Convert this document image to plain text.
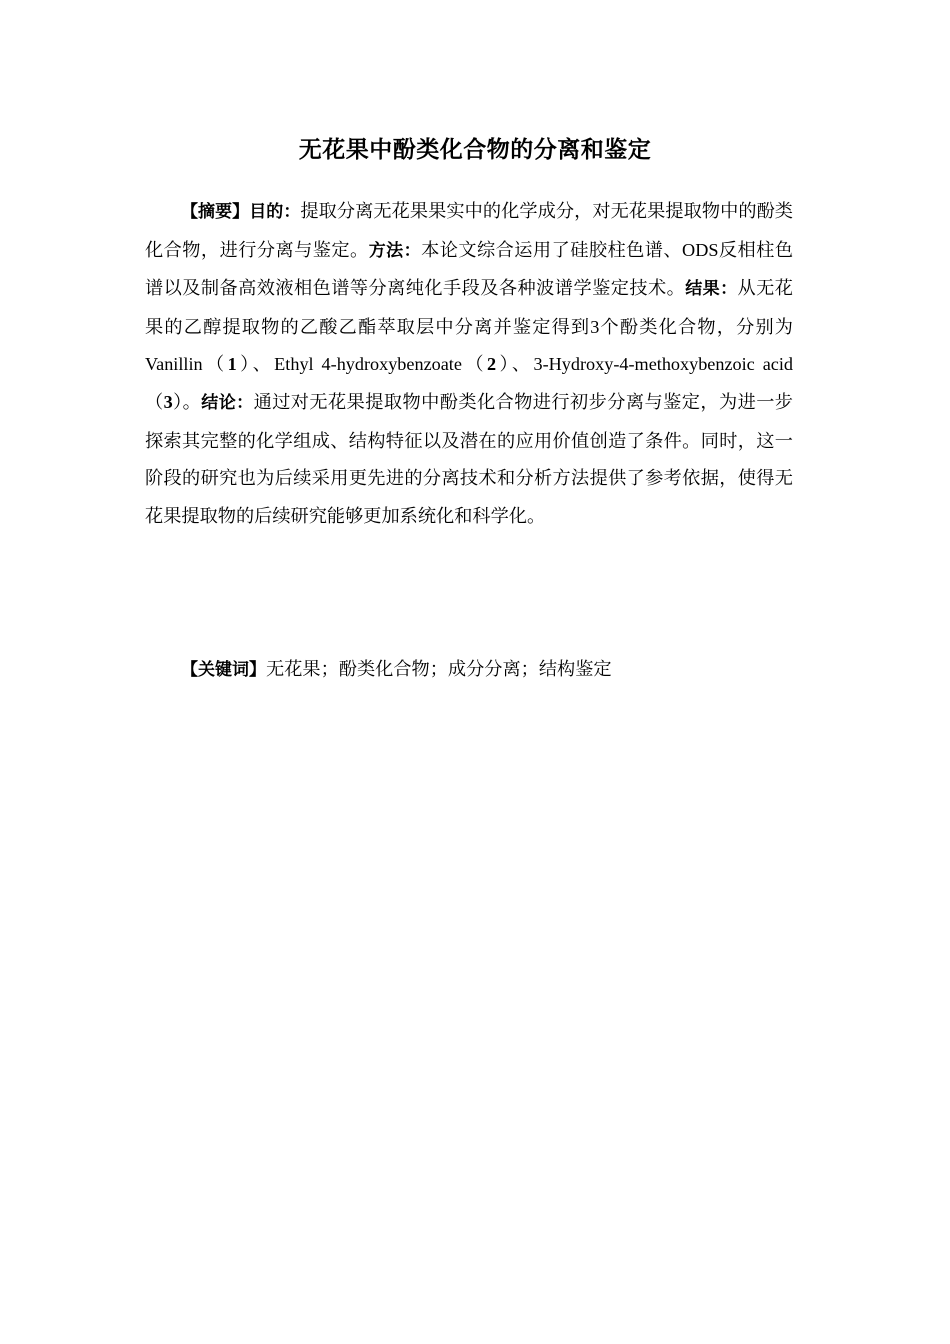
无花果中酚类化合物的分离和鉴定

【摘要】目的：提取分离无花果果实中的化学成分，对无花果提取物中的酚类化合物，进行分离与鉴定。方法：本论文综合运用了硅胶柱色谱、ODS反相柱色谱以及制备高效液相色谱等分离纯化手段及各种波谱学鉴定技术。结果：从无花果的乙醇提取物的乙酸乙酯萃取层中分离并鉴定得到3个酚类化合物，分别为Vanillin（1）、Ethyl 4-hydroxybenzoate（2）、3-Hydroxy-4-methoxybenzoic acid（3）。结论：通过对无花果提取物中酚类化合物进行初步分离与鉴定，为进一步探索其完整的化学组成、结构特征以及潜在的应用价值创造了条件。同时，这一阶段的研究也为后续采用更先进的分离技术和分析方法提供了参考依据，使得无花果提取物的后续研究能够更加系统化和科学化。

【关键词】无花果；酚类化合物；成分分离；结构鉴定
